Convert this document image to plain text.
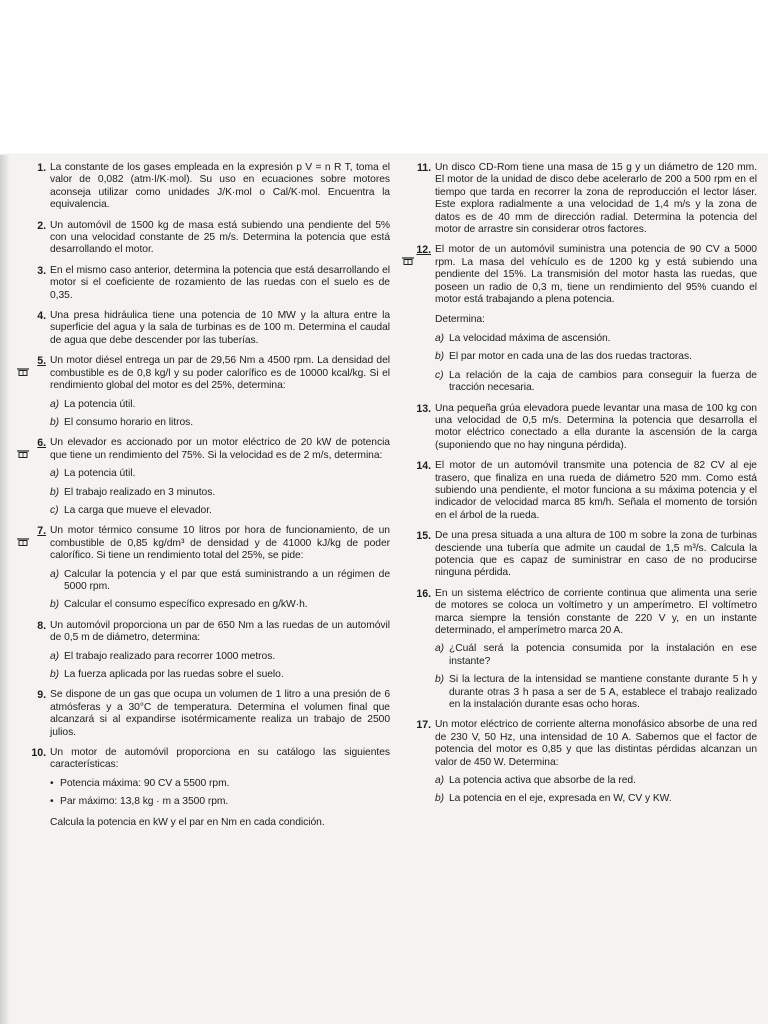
1. La constante de los gases empleada en la expresión p V = n R T, toma el valor de 0,082 (atm·l/K·mol). Su uso en ecuaciones sobre motores aconseja utilizar como unidades J/K·mol o Cal/K·mol. Encuentra la equivalencia.
2. Un automóvil de 1500 kg de masa está subiendo una pendiente del 5% con una velocidad constante de 25 m/s. Determina la potencia que está desarrollando el motor.
3. En el mismo caso anterior, determina la potencia que está desarrollando el motor si el coeficiente de rozamiento de las ruedas con el suelo es de 0,35.
4. Una presa hidráulica tiene una potencia de 10 MW y la altura entre la superficie del agua y la sala de turbinas es de 100 m. Determina el caudal de agua que debe descender por las tuberías.
5. Un motor diésel entrega un par de 29,56 Nm a 4500 rpm. La densidad del combustible es de 0,8 kg/l y su poder calorífico es de 10000 kcal/kg. Si el rendimiento global del motor es del 25%, determina:
a) La potencia útil.
b) El consumo horario en litros.
6. Un elevador es accionado por un motor eléctrico de 20 kW de potencia que tiene un rendimiento del 75%. Si la velocidad es de 2 m/s, determina:
a) La potencia útil.
b) El trabajo realizado en 3 minutos.
c) La carga que mueve el elevador.
7. Un motor térmico consume 10 litros por hora de funcionamiento, de un combustible de 0,85 kg/dm³ de densidad y de 41000 kJ/kg de poder calorífico. Si tiene un rendimiento total del 25%, se pide:
a) Calcular la potencia y el par que está suministrando a un régimen de 5000 rpm.
b) Calcular el consumo específico expresado en g/kW·h.
8. Un automóvil proporciona un par de 650 Nm a las ruedas de un automóvil de 0,5 m de diámetro, determina:
a) El trabajo realizado para recorrer 1000 metros.
b) La fuerza aplicada por las ruedas sobre el suelo.
9. Se dispone de un gas que ocupa un volumen de 1 litro a una presión de 6 atmósferas y a 30°C de temperatura. Determina el volumen final que alcanzará si al expandirse isotérmicamente realiza un trabajo de 2500 julios.
10. Un motor de automóvil proporciona en su catálogo las siguientes características:
• Potencia máxima: 90 CV a 5500 rpm.
• Par máximo: 13,8 kg · m a 3500 rpm.
Calcula la potencia en kW y el par en Nm en cada condición.
11. Un disco CD-Rom tiene una masa de 15 g y un diámetro de 120 mm. El motor de la unidad de disco debe acelerarlo de 200 a 500 rpm en el tiempo que tarda en recorrer la zona de reproducción el lector láser. Este explora radialmente a una velocidad de 1,4 m/s y la zona de datos es de 40 mm de dirección radial. Determina la potencia del motor de arrastre sin considerar otros factores.
12. El motor de un automóvil suministra una potencia de 90 CV a 5000 rpm. La masa del vehículo es de 1200 kg y está subiendo una pendiente del 15%. La transmisión del motor hasta las ruedas, que poseen un radio de 0,3 m, tiene un rendimiento del 95% cuando el motor está trabajando a plena potencia.
Determina:
a) La velocidad máxima de ascensión.
b) El par motor en cada una de las dos ruedas tractoras.
c) La relación de la caja de cambios para conseguir la fuerza de tracción necesaria.
13. Una pequeña grúa elevadora puede levantar una masa de 100 kg con una velocidad de 0,5 m/s. Determina la potencia que desarrolla el motor eléctrico conectado a ella durante la ascensión de la carga (suponiendo que no hay ninguna pérdida).
14. El motor de un automóvil transmite una potencia de 82 CV al eje trasero, que finaliza en una rueda de diámetro 520 mm. Como está subiendo una pendiente, el motor funciona a su máxima potencia y el indicador de velocidad marca 85 km/h. Señala el momento de torsión en el árbol de la rueda.
15. De una presa situada a una altura de 100 m sobre la zona de turbinas desciende una tubería que admite un caudal de 1,5 m³/s. Calcula la potencia que es capaz de suministrar en caso de no producirse ninguna pérdida.
16. En un sistema eléctrico de corriente continua que alimenta una serie de motores se coloca un voltímetro y un amperímetro. El voltímetro marca siempre la tensión constante de 220 V y, en un instante determinado, el amperímetro marca 20 A.
a) ¿Cuál será la potencia consumida por la instalación en ese instante?
b) Si la lectura de la intensidad se mantiene constante durante 5 h y durante otras 3 h pasa a ser de 5 A, establece el trabajo realizado en la instalación durante esas ocho horas.
17. Un motor eléctrico de corriente alterna monofásico absorbe de una red de 230 V, 50 Hz, una intensidad de 10 A. Sabemos que el factor de potencia del motor es 0,85 y que las distintas pérdidas alcanzan un valor de 450 W. Determina:
a) La potencia activa que absorbe de la red.
b) La potencia en el eje, expresada en W, CV y KW.
